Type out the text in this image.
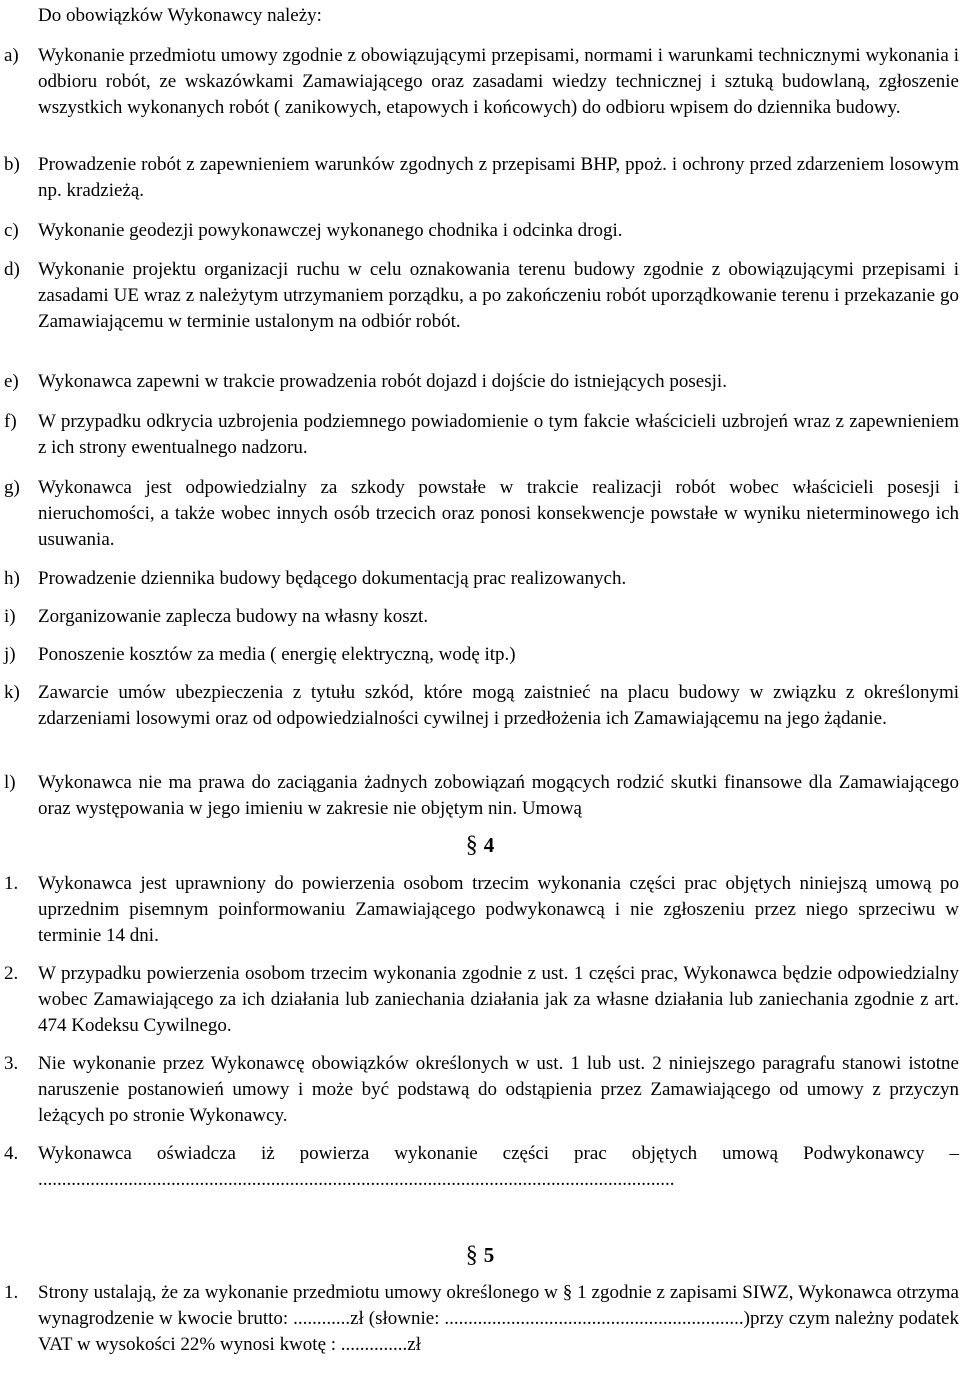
Do obowiązków Wykonawcy należy:
a)	Wykonanie przedmiotu umowy zgodnie z obowiązującymi przepisami, normami i warunkami technicznymi wykonania i odbioru robót, ze wskazówkami Zamawiającego oraz zasadami wiedzy technicznej i sztuką budowlaną, zgłoszenie wszystkich wykonanych robót ( zanikowych, etapowych i końcowych) do odbioru wpisem do dziennika budowy.
b) Prowadzenie robót z zapewnieniem warunków zgodnych z przepisami BHP, ppoż. i ochrony przed zdarzeniem losowym np. kradzieżą.
c)	Wykonanie geodezji powykonawczej wykonanego chodnika i odcinka drogi.
d) Wykonanie projektu organizacji ruchu w celu oznakowania terenu budowy zgodnie z obowiązującymi przepisami i zasadami UE wraz z należytym utrzymaniem porządku, a po zakończeniu robót uporządkowanie terenu i przekazanie go Zamawiającemu w terminie ustalonym na odbiór robót.
e)	Wykonawca zapewni w trakcie prowadzenia robót dojazd i dojście do istniejących posesji.
f)	W przypadku odkrycia uzbrojenia podziemnego powiadomienie o tym fakcie właścicieli uzbrojeń wraz z zapewnieniem z ich strony ewentualnego nadzoru.
g) Wykonawca jest odpowiedzialny za szkody powstałe w trakcie realizacji robót wobec właścicieli posesji i nieruchomości, a także wobec innych osób trzecich oraz ponosi konsekwencje powstałe w wyniku nieterminowego ich usuwania.
h) Prowadzenie dziennika budowy będącego dokumentacją prac realizowanych.
i)	Zorganizowanie zaplecza budowy na własny koszt.
j)	Ponoszenie kosztów za media ( energię elektryczną, wodę itp.)
k) Zawarcie umów ubezpieczenia z tytułu szkód, które mogą zaistnieć na placu budowy w związku z określonymi zdarzeniami losowymi oraz od odpowiedzialności cywilnej i przedłożenia ich Zamawiającemu na jego żądanie.
l)	Wykonawca nie ma prawa do zaciągania żadnych zobowiązań mogących rodzić skutki finansowe dla Zamawiającego oraz występowania w jego imieniu w zakresie nie objętym nin. Umową
§ 4
1.	Wykonawca jest uprawniony do powierzenia osobom trzecim wykonania części prac objętych niniejszą umową po uprzednim pisemnym poinformowaniu Zamawiającego podwykonawcą i nie zgłoszeniu przez niego sprzeciwu w terminie 14 dni.
2.	W przypadku powierzenia osobom trzecim wykonania zgodnie z ust. 1 części prac, Wykonawca będzie odpowiedzialny wobec Zamawiającego za ich działania lub zaniechania działania jak za własne działania lub zaniechania zgodnie z art. 474 Kodeksu Cywilnego.
3.	Nie wykonanie przez Wykonawcę obowiązków określonych w ust. 1 lub ust. 2 niniejszego paragrafu stanowi istotne naruszenie postanowień umowy i może być podstawą do odstąpienia przez Zamawiającego od umowy z przyczyn leżących po stronie Wykonawcy.
4.	Wykonawca oświadcza iż powierza wykonanie części prac objętych umową Podwykonawcy – ......................................................................................................................................
§ 5
1.	Strony ustalają, że za wykonanie przedmiotu umowy określonego w § 1 zgodnie z zapisami SIWZ, Wykonawca otrzyma wynagrodzenie w kwocie brutto: ............zł (słownie: ...............................................................)przy czym należny podatek VAT w wysokości 22% wynosi kwotę : ..............zł
